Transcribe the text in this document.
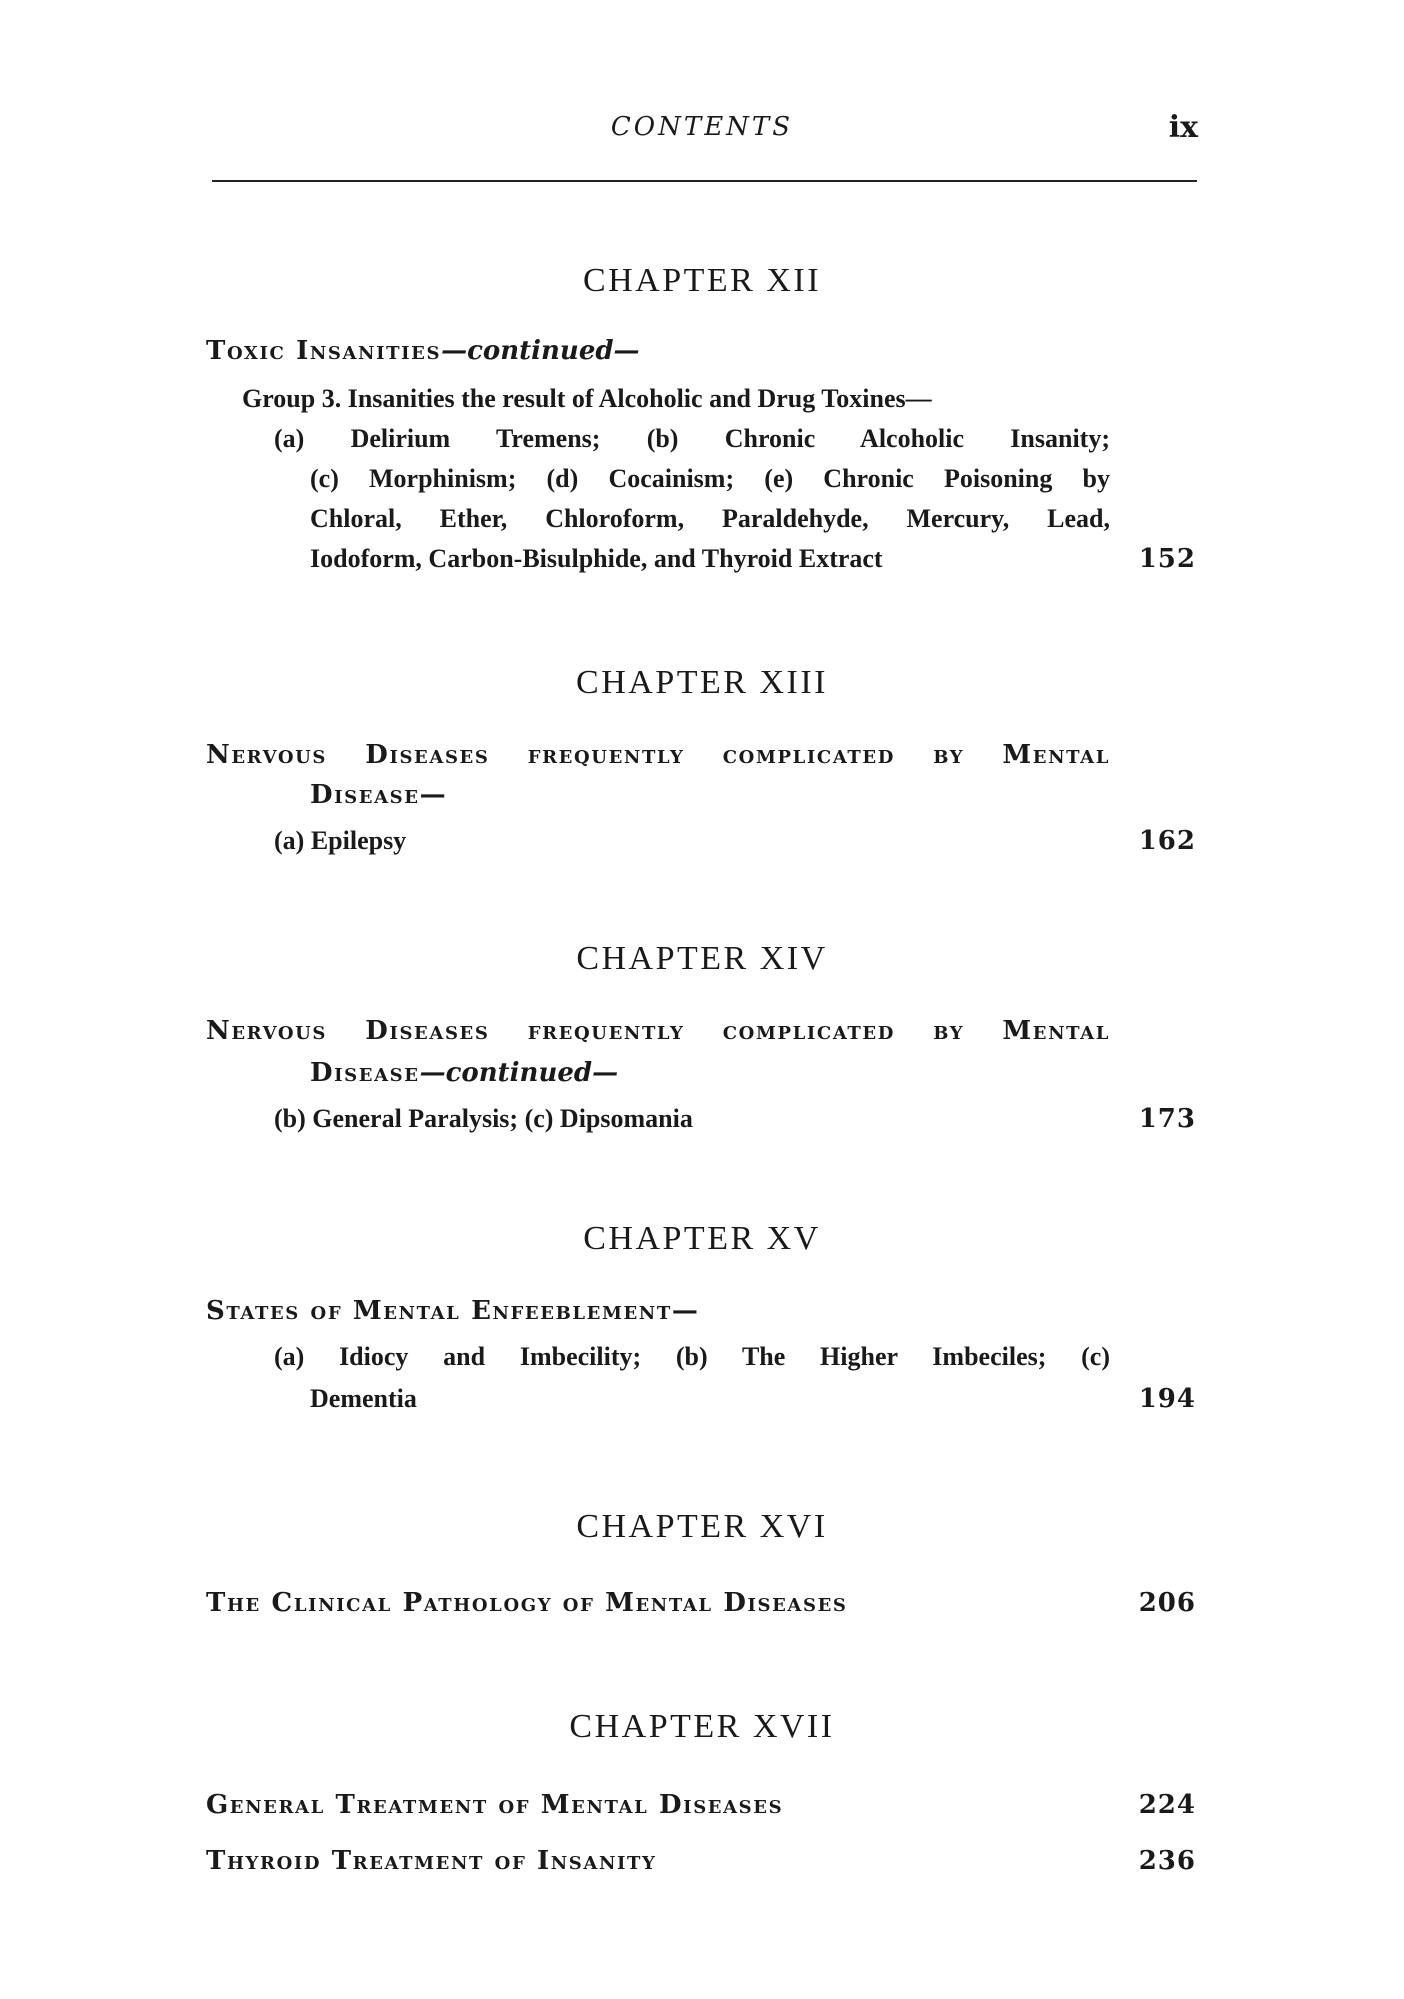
CONTENTS	ix
CHAPTER XII
Toxic Insanities—continued—
Group 3. Insanities the result of Alcoholic and Drug Toxines—
(a) Delirium Tremens; (b) Chronic Alcoholic Insanity;
(c) Morphinism; (d) Cocainism; (e) Chronic Poisoning by
Chloral, Ether, Chloroform, Paraldehyde, Mercury, Lead,
Iodoform, Carbon-Bisulphide, and Thyroid Extract	152
CHAPTER XIII
Nervous Diseases frequently complicated by Mental
Disease—
(a) Epilepsy	162
CHAPTER XIV
Nervous Diseases frequently complicated by Mental
Disease—continued—
(b) General Paralysis; (c) Dipsomania	173
CHAPTER XV
States of Mental Enfeeblement—
(a) Idiocy and Imbecility; (b) The Higher Imbeciles; (c)
Dementia	194
CHAPTER XVI
The Clinical Pathology of Mental Diseases	206
CHAPTER XVII
General Treatment of Mental Diseases	224
Thyroid Treatment of Insanity	236
